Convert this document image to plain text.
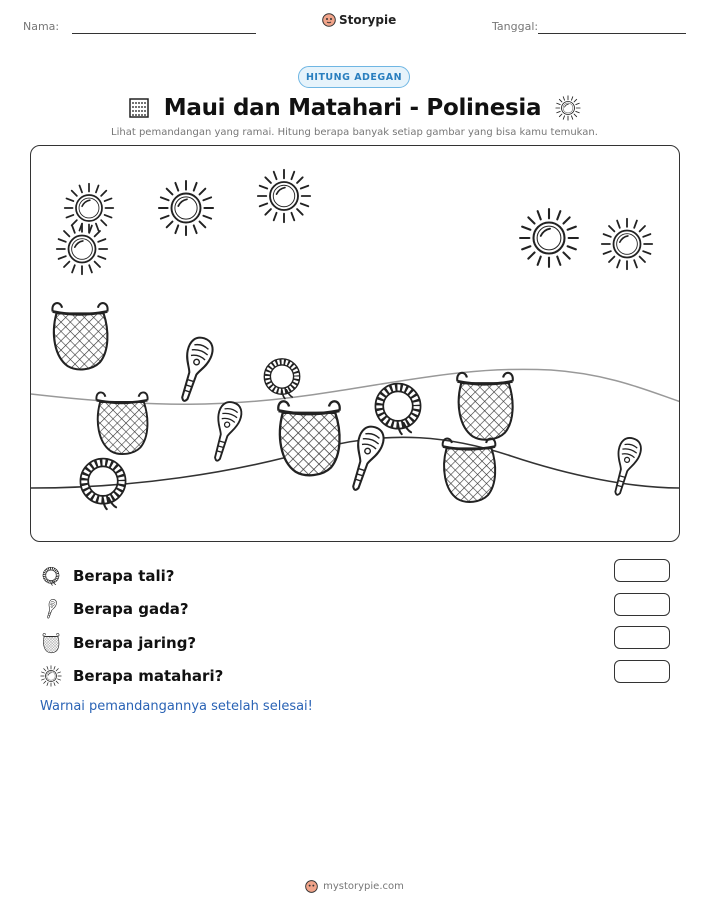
Nama:	Storypie	Tanggal:
HITUNG ADEGAN
Maui dan Matahari - Polinesia
Lihat pemandangan yang ramai. Hitung berapa banyak setiap gambar yang bisa kamu temukan.
Berapa tali?
Berapa gada?
Berapa jaring?
Berapa matahari?
Warnai pemandangannya setelah selesai!
mystorypie.com
